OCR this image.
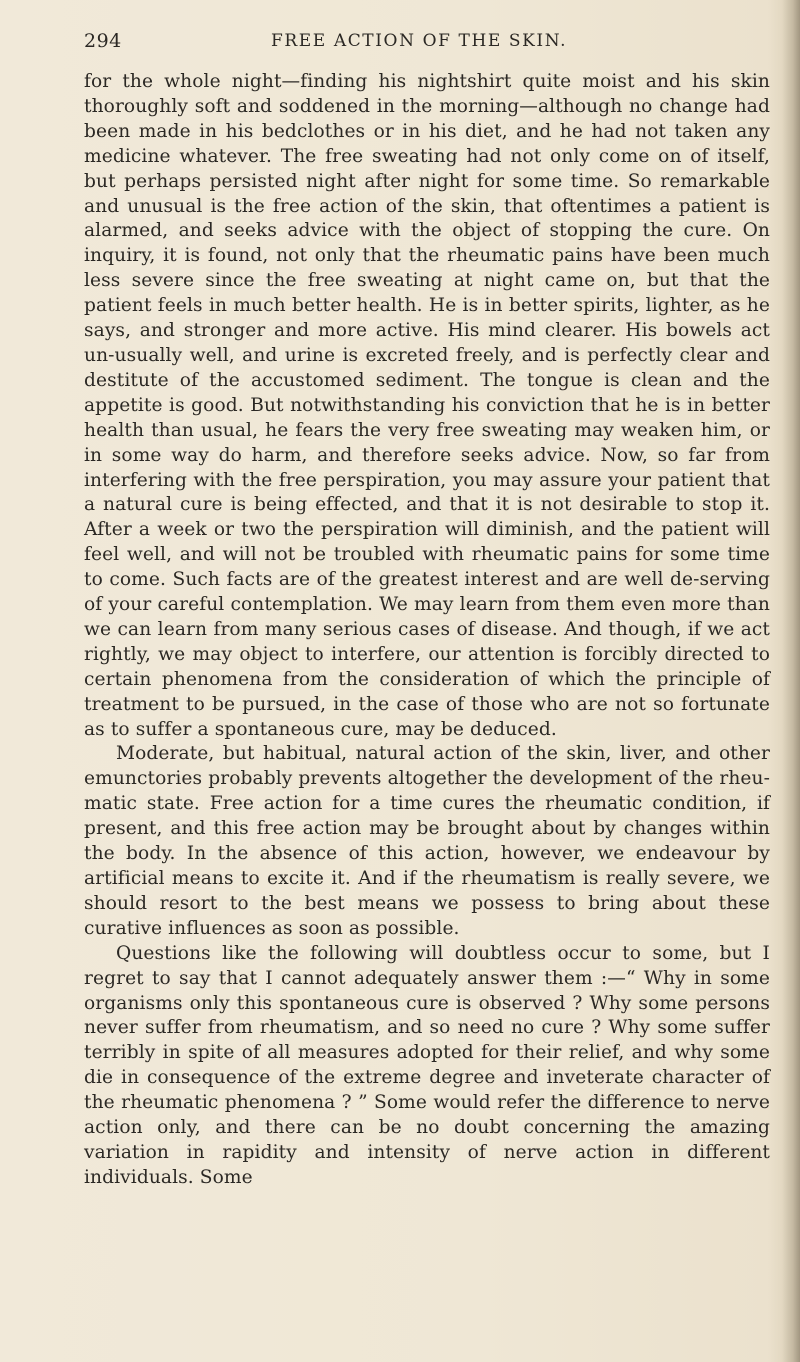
294	FREE ACTION OF THE SKIN.

for the whole night—finding his nightshirt quite moist and his skin thoroughly soft and soddened in the morning—although no change had been made in his bedclothes or in his diet, and he had not taken any medicine whatever. The free sweating had not only come on of itself, but perhaps persisted night after night for some time. So remarkable and unusual is the free action of the skin, that oftentimes a patient is alarmed, and seeks advice with the object of stopping the cure. On inquiry, it is found, not only that the rheumatic pains have been much less severe since the free sweating at night came on, but that the patient feels in much better health. He is in better spirits, lighter, as he says, and stronger and more active. His mind clearer. His bowels act un-usually well, and urine is excreted freely, and is perfectly clear and destitute of the accustomed sediment. The tongue is clean and the appetite is good. But notwithstanding his conviction that he is in better health than usual, he fears the very free sweating may weaken him, or in some way do harm, and therefore seeks advice. Now, so far from interfering with the free perspiration, you may assure your patient that a natural cure is being effected, and that it is not desirable to stop it. After a week or two the perspiration will diminish, and the patient will feel well, and will not be troubled with rheumatic pains for some time to come. Such facts are of the greatest interest and are well de-serving of your careful contemplation. We may learn from them even more than we can learn from many serious cases of disease. And though, if we act rightly, we may object to interfere, our attention is forcibly directed to certain phenomena from the consideration of which the principle of treatment to be pursued, in the case of those who are not so fortunate as to suffer a spontaneous cure, may be deduced.

Moderate, but habitual, natural action of the skin, liver, and other emunctories probably prevents altogether the development of the rheu-matic state. Free action for a time cures the rheumatic condition, if present, and this free action may be brought about by changes within the body. In the absence of this action, however, we endeavour by artificial means to excite it. And if the rheumatism is really severe, we should resort to the best means we possess to bring about these curative influences as soon as possible.

Questions like the following will doubtless occur to some, but I regret to say that I cannot adequately answer them :—“ Why in some organisms only this spontaneous cure is observed ? Why some persons never suffer from rheumatism, and so need no cure ? Why some suffer terribly in spite of all measures adopted for their relief, and why some die in consequence of the extreme degree and inveterate character of the rheumatic phenomena ? ” Some would refer the difference to nerve action only, and there can be no doubt concerning the amazing variation in rapidity and intensity of nerve action in different individuals. Some
